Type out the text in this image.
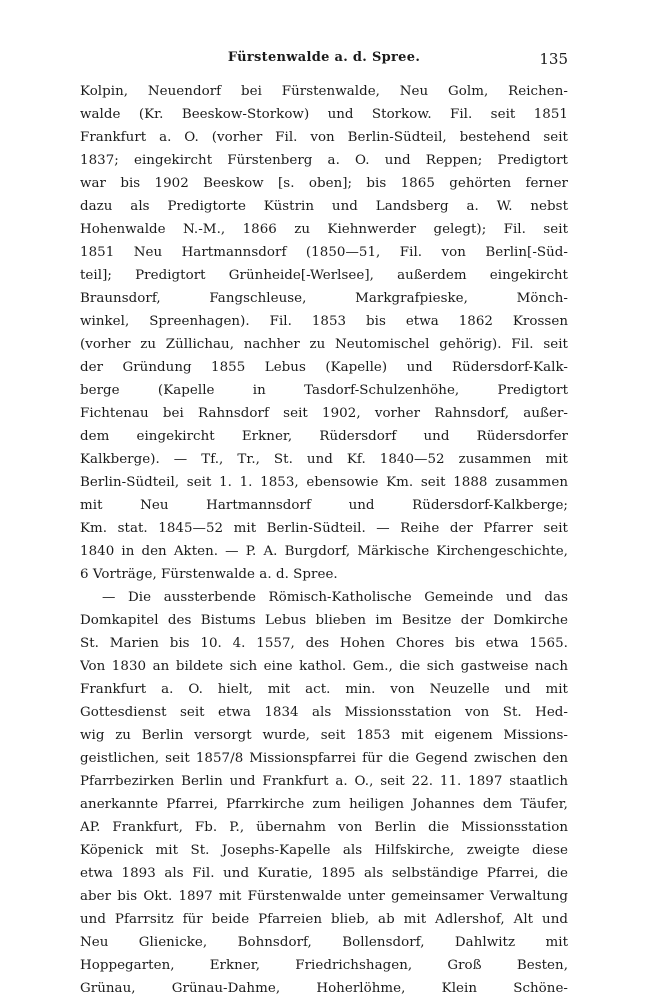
Fürstenwalde a. d. Spree.	135
Kolpin, Neuendorf bei Fürstenwalde, Neu Golm, Reichen-
walde (Kr. Beeskow-Storkow) und Storkow. Fil. seit 1851
Frankfurt a. O. (vorher Fil. von Berlin-Südteil, bestehend seit
1837; eingekircht Fürstenberg a. O. und Reppen; Predigtort
war bis 1902 Beeskow [s. oben]; bis 1865 gehörten ferner
dazu als Predigtorte Küstrin und Landsberg a. W. nebst
Hohenwalde N.-M., 1866 zu Kiehnwerder gelegt); Fil. seit
1851 Neu Hartmannsdorf (1850—51, Fil. von Berlin[-Süd-
teil]; Predigtort Grünheide[-Werlsee], außerdem eingekircht
Braunsdorf, Fangschleuse, Markgrafpieske, Mönch-
winkel, Spreenhagen). Fil. 1853 bis etwa 1862 Krossen
(vorher zu Züllichau, nachher zu Neutomischel gehörig). Fil. seit
der Gründung 1855 Lebus (Kapelle) und Rüdersdorf-Kalk-
berge (Kapelle in Tasdorf-Schulzenhöhe, Predigtort
Fichtenau bei Rahnsdorf seit 1902, vorher Rahnsdorf, außer-
dem eingekircht Erkner, Rüdersdorf und Rüdersdorfer
Kalkberge). — Tf., Tr., St. und Kf. 1840—52 zusammen mit
Berlin-Südteil, seit 1. 1. 1853, ebensowie Km. seit 1888 zusammen
mit Neu Hartmannsdorf und Rüdersdorf-Kalkberge;
Km. stat. 1845—52 mit Berlin-Südteil. — Reihe der Pfarrer seit
1840 in den Akten. — P. A. Burgdorf, Märkische Kirchengeschichte,
6 Vorträge, Fürstenwalde a. d. Spree.
— Die aussterbende Römisch-Katholische Gemeinde und das
Domkapitel des Bistums Lebus blieben im Besitze der Domkirche
St. Marien bis 10. 4. 1557, des Hohen Chores bis etwa 1565.
Von 1830 an bildete sich eine kathol. Gem., die sich gastweise nach
Frankfurt a. O. hielt, mit act. min. von Neuzelle und mit
Gottesdienst seit etwa 1834 als Missionsstation von St. Hed-
wig zu Berlin versorgt wurde, seit 1853 mit eigenem Missions-
geistlichen, seit 1857/8 Missionspfarrei für die Gegend zwischen den
Pfarrbezirken Berlin und Frankfurt a. O., seit 22. 11. 1897 staatlich
anerkannte Pfarrei, Pfarrkirche zum heiligen Johannes dem Täufer,
AP. Frankfurt, Fb. P., übernahm von Berlin die Missionsstation
Köpenick mit St. Josephs-Kapelle als Hilfskirche, zweigte diese
etwa 1893 als Fil. und Kuratie, 1895 als selbständige Pfarrei, die
aber bis Okt. 1897 mit Fürstenwalde unter gemeinsamer Verwaltung
und Pfarrsitz für beide Pfarreien blieb, ab mit Adlershof, Alt und
Neu Glienicke, Bohnsdorf, Bollensdorf, Dahlwitz mit
Hoppegarten, Erkner, Friedrichshagen, Groß Besten,
Grünau, Grünau-Dahme, Hoherlöhme, Klein Schöne-
